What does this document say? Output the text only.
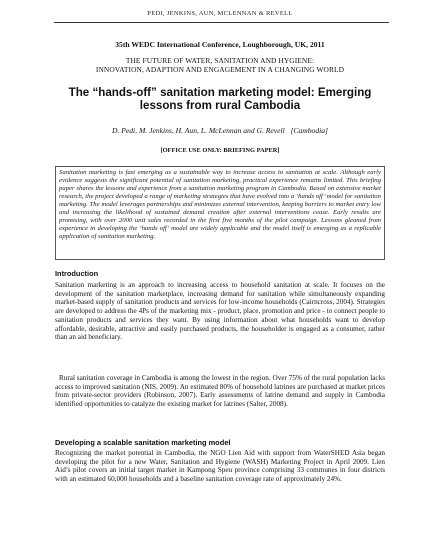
PEDI, JENKINS, AUN, MCLENNAN & REVELL
35th WEDC International Conference, Loughborough, UK, 2011
THE FUTURE OF WATER, SANITATION AND HYGIENE:
INNOVATION, ADAPTION AND ENGAGEMENT IN A CHANGING WORLD
The “hands-off” sanitation marketing model: Emerging
lessons from rural Cambodia
D. Pedi, M. Jenkins, H. Aun, L. McLennan and G. Revell   [Cambodia]
[OFFICE USE ONLY: BRIEFING PAPER]
Sanitation marketing is fast emerging as a sustainable way to increase access to sanitation at scale. Although early evidence suggests the significant potential of sanitation marketing, practical experience remains limited. This briefing paper shares the lessons and experience from a sanitation marketing program in Cambodia. Based on extensive market research, the project developed a range of marketing strategies that have evolved into a ‘hands off’ model for sanitation marketing. The model leverages partnerships and minimizes external intervention, keeping barriers to market entry low and increasing the likelihood of sustained demand creation after external interventions cease. Early results are promising, with over 2000 unit sales recorded in the first five months of the pilot campaign. Lessons gleaned from experience in developing the ‘hands off’ model are widely applicable and the model itself is emerging as a replicable application of sanitation marketing.
Introduction
Sanitation marketing is an approach to increasing access to household sanitation at scale. It focuses on the development of the sanitation marketplace, increasing demand for sanitation while simultaneously expanding market-based supply of sanitation products and services for low-income households (Cairncross, 2004). Strategies are developed to address the 4Ps of the marketing mix - product, place, promotion and price - to connect people to sanitation products and services they want. By using information about what households want to develop affordable, desirable, attractive and easily purchased products, the householder is engaged as a consumer, rather than an aid beneficiary.
Rural sanitation coverage in Cambodia is among the lowest in the region. Over 75% of the rural population lacks access to improved sanitation (NIS, 2009). An estimated 80% of household latrines are purchased at market prices from private-sector providers (Robinson, 2007). Early assessments of latrine demand and supply in Cambodia identified opportunities to catalyze the existing market for latrines (Salter, 2008).
Developing a scalable sanitation marketing model
Recognizing the market potential in Cambodia, the NGO Lien Aid with support from WaterSHED Asia began developing the pilot for a new Water, Sanitation and Hygiene (WASH) Marketing Project in April 2009. Lien Aid’s pilot covers an initial target market in Kampong Speu province comprising 33 communes in four districts with an estimated 60,000 households and a baseline sanitation coverage rate of approximately 24%.
